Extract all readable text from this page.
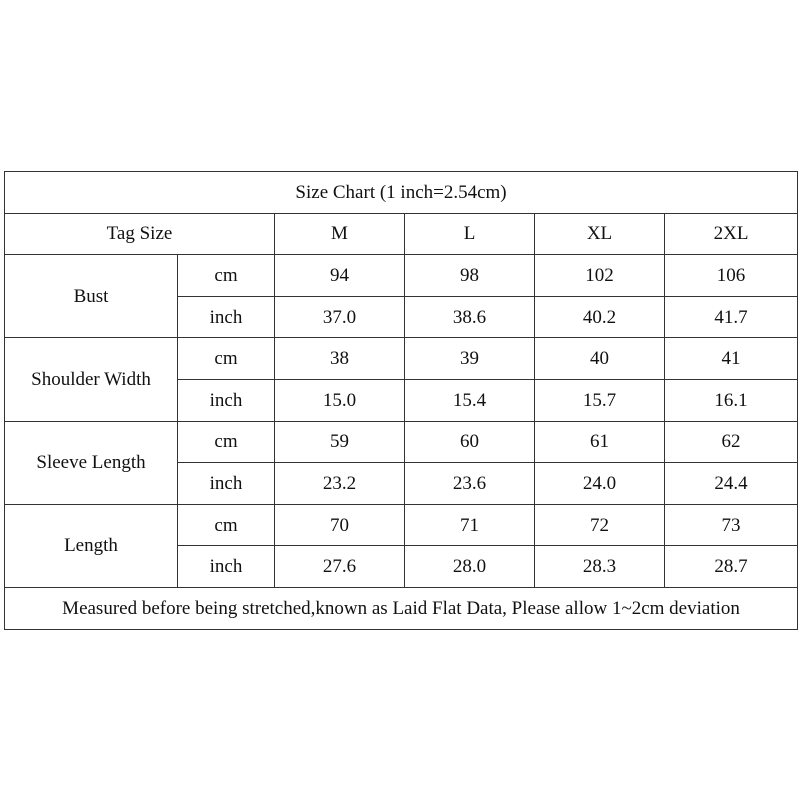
Size Chart (1 inch=2.54cm)					
Tag Size		M	L	XL	2XL
Bust	cm	94	98	102	106
	inch	37.0	38.6	40.2	41.7
Shoulder Width	cm	38	39	40	41
	inch	15.0	15.4	15.7	16.1
Sleeve Length	cm	59	60	61	62
	inch	23.2	23.6	24.0	24.4
Length	cm	70	71	72	73
	inch	27.6	28.0	28.3	28.7
Measured before being stretched,known as Laid Flat Data, Please allow 1~2cm deviation					
